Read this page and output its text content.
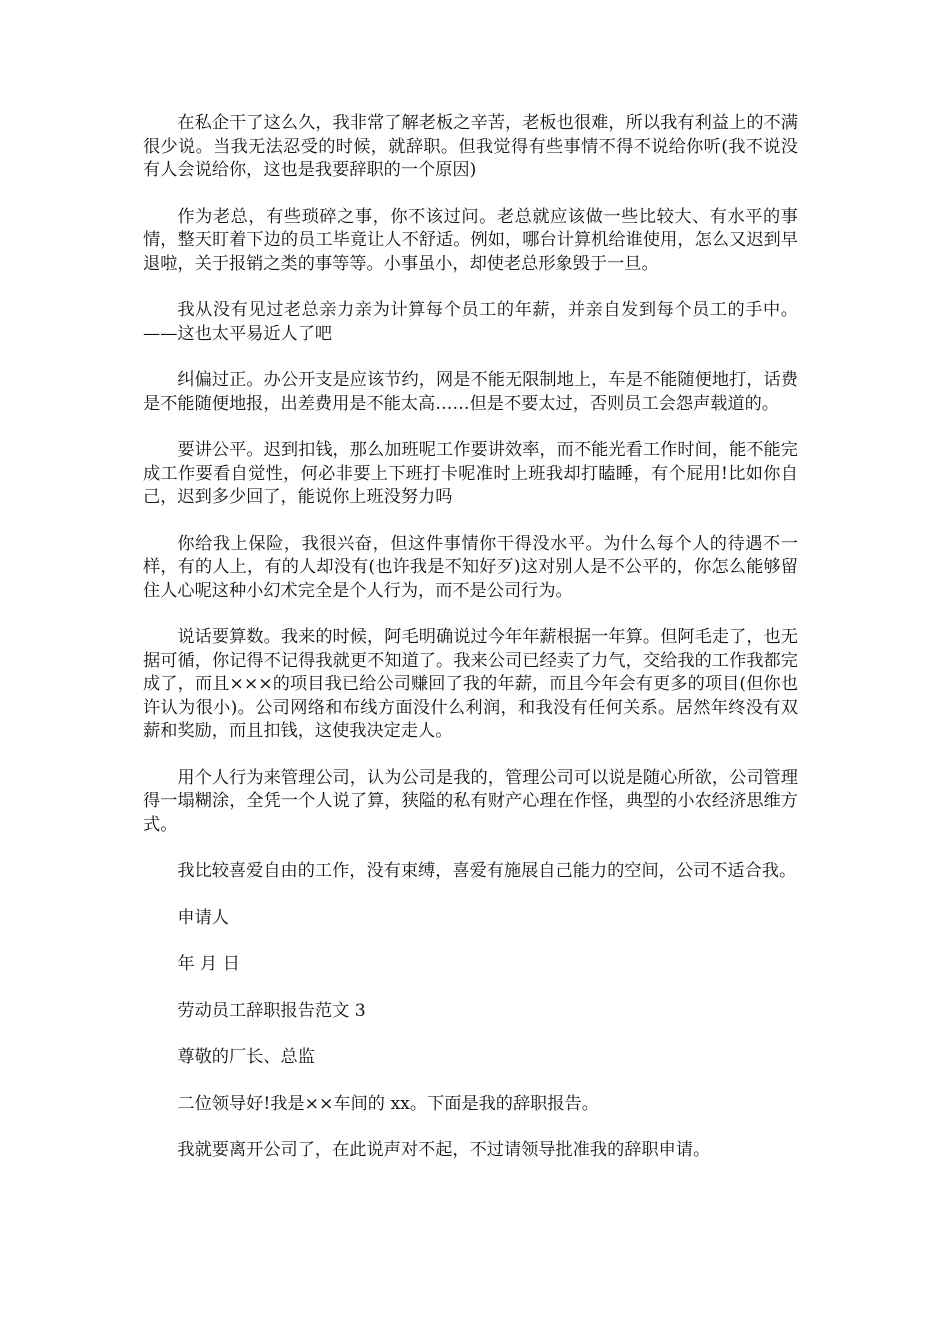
在私企干了这么久，我非常了解老板之辛苦，老板也很难，所以我有利益上的不满很少说。当我无法忍受的时候，就辞职。但我觉得有些事情不得不说给你听(我不说没有人会说给你，这也是我要辞职的一个原因)

作为老总，有些琐碎之事，你不该过问。老总就应该做一些比较大、有水平的事情，整天盯着下边的员工毕竟让人不舒适。例如，哪台计算机给谁使用，怎么又迟到早退啦，关于报销之类的事等等。小事虽小，却使老总形象毁于一旦。

我从没有见过老总亲力亲为计算每个员工的年薪，并亲自发到每个员工的手中。——这也太平易近人了吧

纠偏过正。办公开支是应该节约，网是不能无限制地上，车是不能随便地打，话费是不能随便地报，出差费用是不能太高……但是不要太过，否则员工会怨声载道的。

要讲公平。迟到扣钱，那么加班呢工作要讲效率，而不能光看工作时间，能不能完成工作要看自觉性，何必非要上下班打卡呢准时上班我却打瞌睡，有个屁用!比如你自己，迟到多少回了，能说你上班没努力吗

你给我上保险，我很兴奋，但这件事情你干得没水平。为什么每个人的待遇不一样，有的人上，有的人却没有(也许我是不知好歹)这对别人是不公平的，你怎么能够留住人心呢这种小幻术完全是个人行为，而不是公司行为。

说话要算数。我来的时候，阿毛明确说过今年年薪根据一年算。但阿毛走了，也无据可循，你记得不记得我就更不知道了。我来公司已经卖了力气，交给我的工作我都完成了，而且×××的项目我已给公司赚回了我的年薪，而且今年会有更多的项目(但你也许认为很小)。公司网络和布线方面没什么利润，和我没有任何关系。居然年终没有双薪和奖励，而且扣钱，这使我决定走人。

用个人行为来管理公司，认为公司是我的，管理公司可以说是随心所欲，公司管理得一塌糊涂，全凭一个人说了算，狭隘的私有财产心理在作怪，典型的小农经济思维方式。

我比较喜爱自由的工作，没有束缚，喜爱有施展自己能力的空间，公司不适合我。

申请人

年 月 日

劳动员工辞职报告范文 3

尊敬的厂长、总监

二位领导好!我是××车间的 xx。下面是我的辞职报告。

我就要离开公司了，在此说声对不起，不过请领导批准我的辞职申请。
